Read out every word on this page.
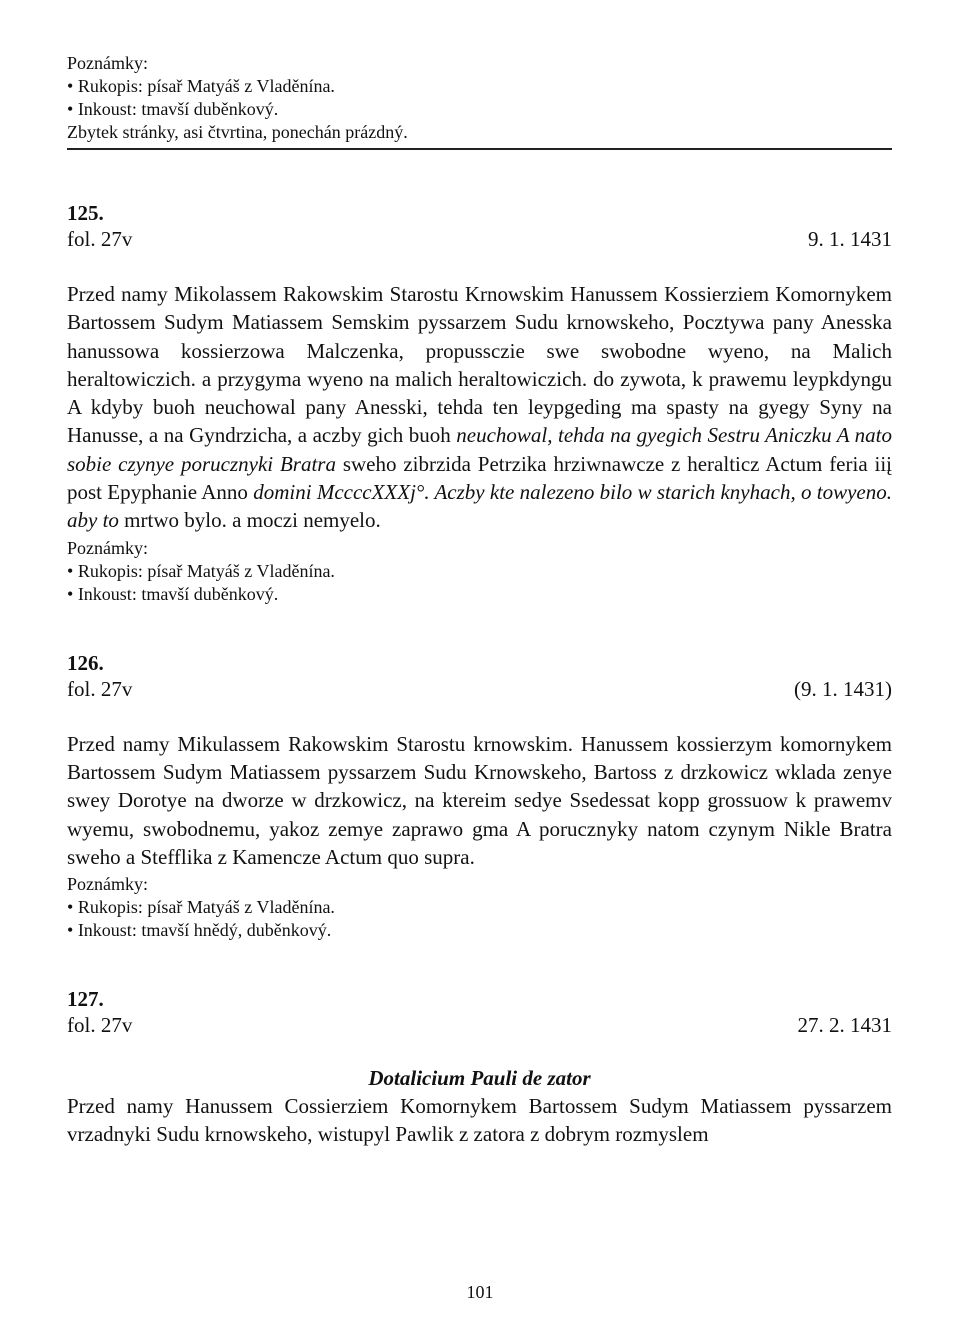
Poznámky:

• Rukopis: písař Matyáš z Vladěnína.

• Inkoust: tmavší duběnkový.

Zbytek stránky, asi čtvrtina, ponechán prázdný.

125.

fol. 27v	9. 1. 1431

Przed namy Mikolassem Rakowskim Starostu Krnowskim Hanussem Kossierziem Komornykem Bartossem Sudym Matiassem Semskim pyssarzem Sudu krnowskeho, Pocztywa pany Anesska hanussowa kossierzowa Malczenka, propussczie swe swobodne wyeno, na Malich heraltowiczich. a przygyma wyeno na malich heraltowiczich. do zywota, k prawemu leypkdyngu A kdyby buoh neuchowal pany Anesski, tehda ten leypgeding ma spasty na gyegy Syny na Hanusse, a na Gyndrzicha, a aczby gich buoh neuchowal, tehda na gyegich Sestru Aniczku A nato sobie czynye porucznyki Bratra sweho zibrzida Petrzika hrziwnawcze z heralticz Actum feria iiį post Epyphanie Anno domini MccccXXXj°. Aczby kte nalezeno bilo w starich knyhach, o towyeno. aby to mrtwo bylo. a moczi nemyelo.

Poznámky:

• Rukopis: písař Matyáš z Vladěnína.

• Inkoust: tmavší duběnkový.

126.

fol. 27v	(9. 1. 1431)

Przed namy Mikulassem Rakowskim Starostu krnowskim. Hanussem kossierzym komornykem Bartossem Sudym Matiassem pyssarzem Sudu Krnowskeho, Bartoss z drzkowicz wklada zenye swey Dorotye na dworze w drzkowicz, na ktereim sedye Ssedessat kopp grossuow k prawemv wyemu, swobodnemu, yakoz zemye zaprawo gma A porucznyky natom czynym Nikle Bratra sweho a Stefflika z Kamencze Actum quo supra.

Poznámky:

• Rukopis: písař Matyáš z Vladěnína.

• Inkoust: tmavší hnědý, duběnkový.

127.

fol. 27v	27. 2. 1431

Dotalicium Pauli de zator

Przed namy Hanussem Cossierziem Komornykem Bartossem Sudym Matiassem pyssarzem vrzadnyki Sudu krnowskeho, wistupyl Pawlik z zatora z dobrym rozmyslem

101
